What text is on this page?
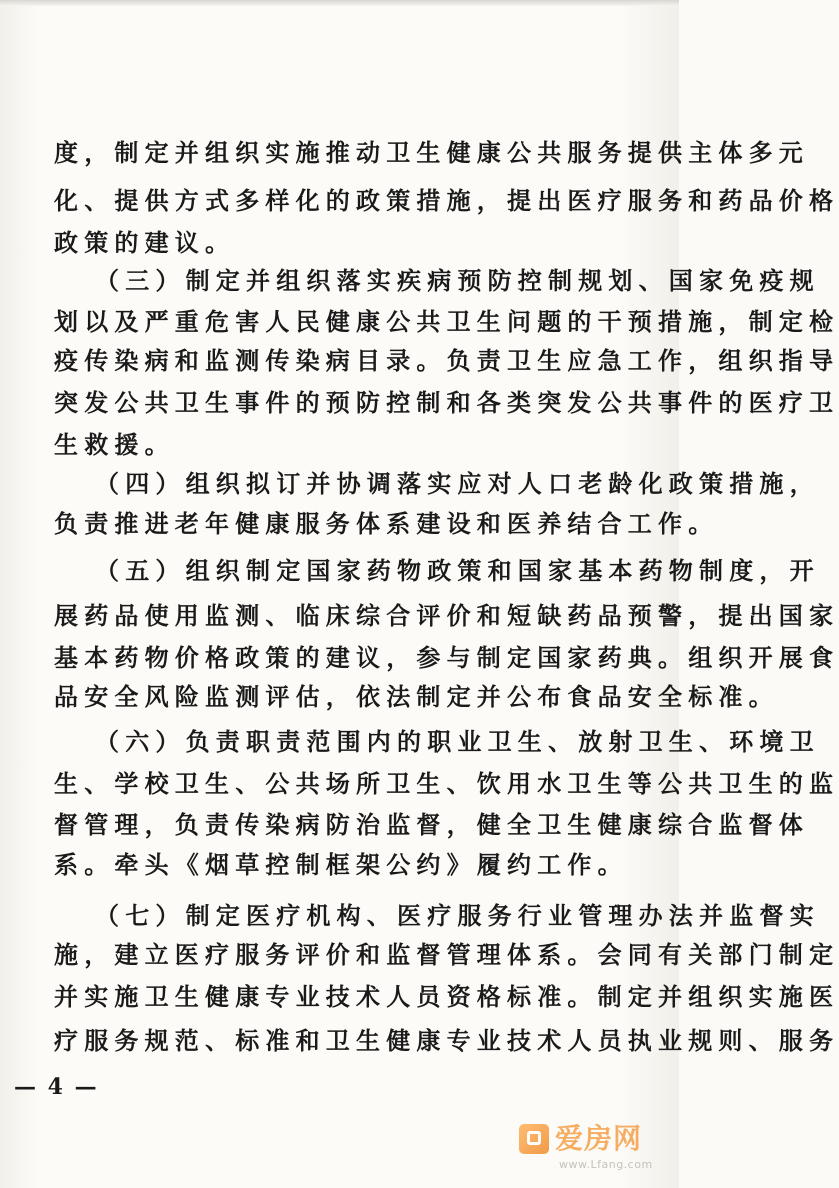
度，制定并组织实施推动卫生健康公共服务提供主体多元
化、提供方式多样化的政策措施，提出医疗服务和药品价格
政策的建议。
（三）制定并组织落实疾病预防控制规划、国家免疫规
划以及严重危害人民健康公共卫生问题的干预措施，制定检
疫传染病和监测传染病目录。负责卫生应急工作，组织指导
突发公共卫生事件的预防控制和各类突发公共事件的医疗卫
生救援。
（四）组织拟订并协调落实应对人口老龄化政策措施，
负责推进老年健康服务体系建设和医养结合工作。
（五）组织制定国家药物政策和国家基本药物制度，开
展药品使用监测、临床综合评价和短缺药品预警，提出国家
基本药物价格政策的建议，参与制定国家药典。组织开展食
品安全风险监测评估，依法制定并公布食品安全标准。
（六）负责职责范围内的职业卫生、放射卫生、环境卫
生、学校卫生、公共场所卫生、饮用水卫生等公共卫生的监
督管理，负责传染病防治监督，健全卫生健康综合监督体
系。牵头《烟草控制框架公约》履约工作。
（七）制定医疗机构、医疗服务行业管理办法并监督实
施，建立医疗服务评价和监督管理体系。会同有关部门制定
并实施卫生健康专业技术人员资格标准。制定并组织实施医
疗服务规范、标准和卫生健康专业技术人员执业规则、服务
— 4 —
爱房网
www.Lfang.com
